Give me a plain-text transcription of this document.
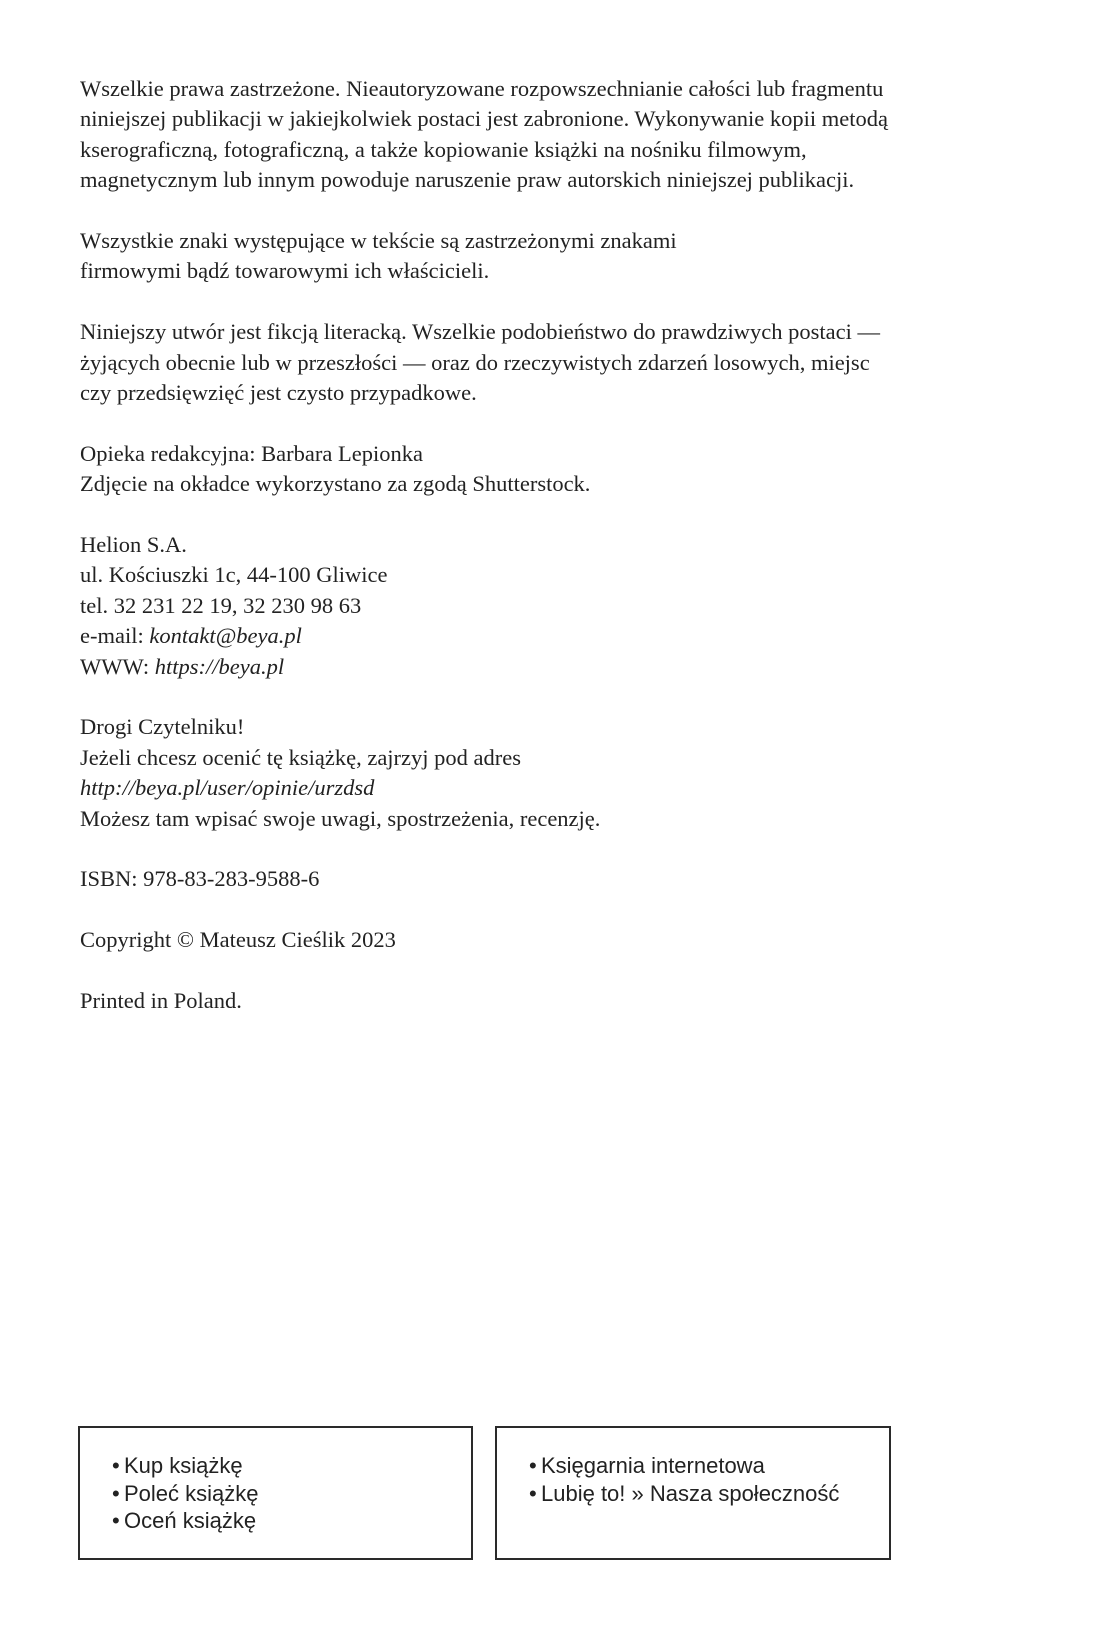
Wszelkie prawa zastrzeżone. Nieautoryzowane rozpowszechnianie całości lub fragmentu
niniejszej publikacji w jakiejkolwiek postaci jest zabronione. Wykonywanie kopii metodą
kserograficzną, fotograficzną, a także kopiowanie książki na nośniku filmowym,
magnetycznym lub innym powoduje naruszenie praw autorskich niniejszej publikacji.

Wszystkie znaki występujące w tekście są zastrzeżonymi znakami
firmowymi bądź towarowymi ich właścicieli.

Niniejszy utwór jest fikcją literacką. Wszelkie podobieństwo do prawdziwych postaci —
żyjących obecnie lub w przeszłości — oraz do rzeczywistych zdarzeń losowych, miejsc
czy przedsięwzięć jest czysto przypadkowe.

Opieka redakcyjna: Barbara Lepionka
Zdjęcie na okładce wykorzystano za zgodą Shutterstock.

Helion S.A.
ul. Kościuszki 1c, 44-100 Gliwice
tel. 32 231 22 19, 32 230 98 63
e-mail: kontakt@beya.pl
WWW: https://beya.pl

Drogi Czytelniku!
Jeżeli chcesz ocenić tę książkę, zajrzyj pod adres
http://beya.pl/user/opinie/urzdsd
Możesz tam wpisać swoje uwagi, spostrzeżenia, recenzję.

ISBN: 978-83-283-9588-6

Copyright © Mateusz Cieślik 2023

Printed in Poland.

• Kup książkę
• Poleć książkę
• Oceń książkę
• Księgarnia internetowa
• Lubię to! » Nasza społeczność
